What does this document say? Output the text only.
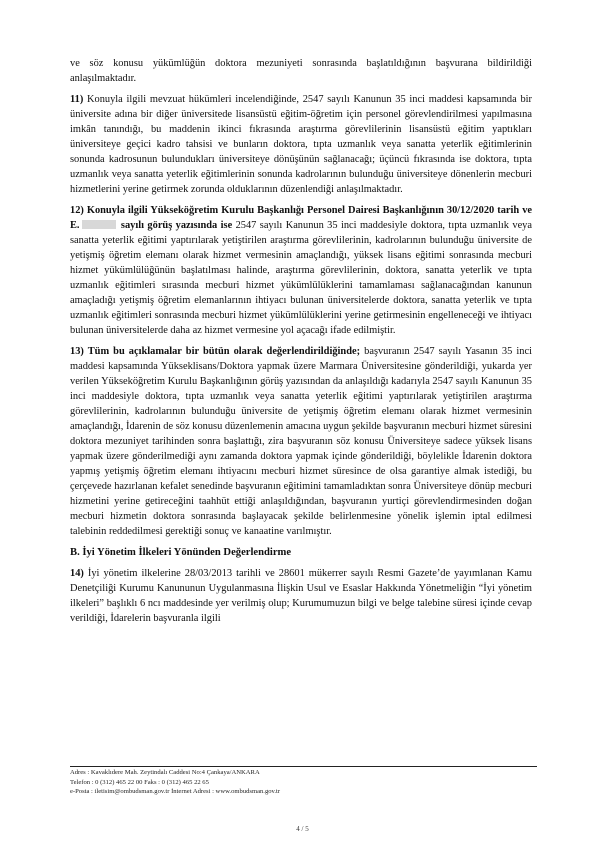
ve söz konusu yükümlüğün doktora mezuniyeti sonrasında başlatıldığının başvurana bildirildiği anlaşılmaktadır.

11) Konuyla ilgili mevzuat hükümleri incelendiğinde, 2547 sayılı Kanunun 35 inci maddesi kapsamında bir üniversite adına bir diğer üniversitede lisansüstü eğitim-öğretim için personel görevlendirilmesi yapılmasına imkân tanındığı, bu maddenin ikinci fıkrasında araştırma görevlilerinin lisansüstü eğitim yaptıkları üniversiteye geçici kadro tahsisi ve bunların doktora, tıpta uzmanlık veya sanatta yeterlik eğitimlerinin sonunda kadrosunun bulundukları üniversiteye dönüşünün sağlanacağı; üçüncü fıkrasında ise doktora, tıpta uzmanlık veya sanatta yeterlik eğitimlerinin sonunda kadrolarının bulunduğu üniversiteye dönenlerin mecburi hizmetlerini yerine getirmek zorunda olduklarının düzenlendiği anlaşılmaktadır.

12) Konuyla ilgili Yükseköğretim Kurulu Başkanlığı Personel Dairesi Başkanlığının 30/12/2020 tarih ve E.	sayılı görüş yazısında ise 2547 sayılı Kanunun 35 inci maddesiyle doktora, tıpta uzmanlık veya sanatta yeterlik eğitimi yaptırılarak yetiştirilen araştırma görevlilerinin, kadrolarının bulunduğu üniversite de yetişmiş öğretim elemanı olarak hizmet vermesinin amaçlandığı, yüksek lisans eğitimi sonrasında mecburi hizmet yükümlülüğünün başlatılması halinde, araştırma görevlilerinin, doktora, sanatta yeterlik ve tıpta uzmanlık eğitimleri sırasında mecburi hizmet yükümlülüklerini tamamlaması sağlanacağından kanunun amaçladığı yetişmiş öğretim elemanlarının ihtiyacı bulunan üniversitelerde doktora, sanatta yeterlik ve tıpta uzmanlık eğitimleri sonrasında mecburi hizmet yükümlülüklerini yerine getirmesinin engelleneceği ve ihtiyacı bulunan üniversitelerde daha az hizmet vermesine yol açacağı ifade edilmiştir.

13) Tüm bu açıklamalar bir bütün olarak değerlendirildiğinde; başvuranın 2547 sayılı Yasanın 35 inci maddesi kapsamında Yükseklisans/Doktora yapmak üzere Marmara Üniversitesine gönderildiği, yukarda yer verilen Yükseköğretim Kurulu Başkanlığının görüş yazısından da anlaşıldığı kadarıyla 2547 sayılı Kanunun 35 inci maddesiyle doktora, tıpta uzmanlık veya sanatta yeterlik eğitimi yaptırılarak yetiştirilen araştırma görevlilerinin, kadrolarının bulunduğu üniversite de yetişmiş öğretim elemanı olarak hizmet vermesinin amaçlandığı, İdarenin de söz konusu düzenlemenin amacına uygun şekilde başvuranın mecburi hizmet süresini doktora mezuniyet tarihinden sonra başlattığı, zira başvuranın söz konusu Üniversiteye sadece yüksek lisans yapmak üzere gönderilmediği aynı zamanda doktora yapmak içinde gönderildiği, böylelikle İdarenin doktora yapmış yetişmiş öğretim elemanı ihtiyacını mecburi hizmet süresince de olsa garantiye almak istediği, bu çerçevede hazırlanan kefalet senedinde başvuranın eğitimini tamamladıktan sonra Üniversiteye dönüp mecburi hizmetini yerine getireceğini taahhüt ettiği anlaşıldığından, başvuranın yurtiçi görevlendirmesinden doğan mecburi hizmetin doktora sonrasında başlayacak şekilde belirlenmesine yönelik işlemin iptal edilmesi talebinin reddedilmesi gerektiği sonuç ve kanaatine varılmıştır.

B. İyi Yönetim İlkeleri Yönünden Değerlendirme

14) İyi yönetim ilkelerine 28/03/2013 tarihli ve 28601 mükerrer sayılı Resmi Gazete’de yayımlanan Kamu Denetçiliği Kurumu Kanununun Uygulanmasına İlişkin Usul ve Esaslar Hakkında Yönetmeliğin “İyi yönetim ilkeleri” başlıklı 6 ncı maddesinde yer verilmiş olup; Kurumumuzun bilgi ve belge talebine süresi içinde cevap verildiği, İdarelerin başvuranla ilgili

Adres : Kavaklıdere Mah. Zeytindalı Caddesi No:4 Çankaya/ANKARA
Telefon : 0 (312) 465 22 00 Faks : 0 (312) 465 22 65
e-Posta : iletisim@ombudsman.gov.tr İnternet Adresi : www.ombudsman.gov.tr
4 / 5
